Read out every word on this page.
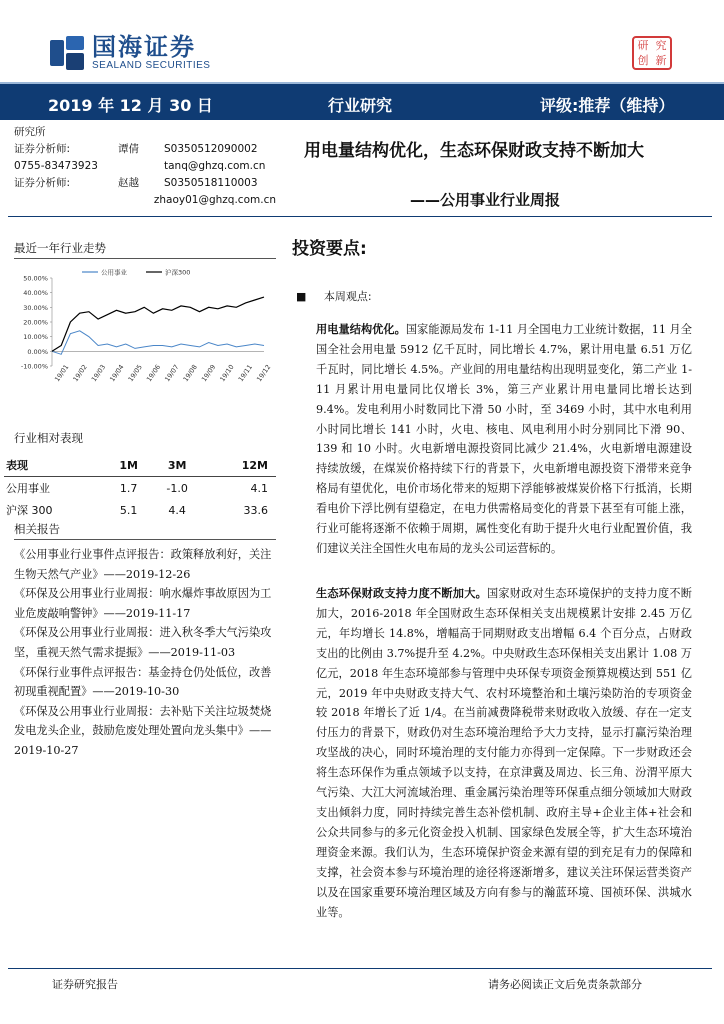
国海证券
SEALAND SECURITIES
研 究
创 新
2019 年 12 月 30 日	行业研究	评级:推荐（维持）
研究所
证券分析师:	谭倩	S0350512090002
0755-83473923	tanq@ghzq.com.cn
证券分析师:	赵越	S0350518110003
zhaoy01@ghzq.com.cn
用电量结构优化，生态环保财政支持不断加大
——公用事业行业周报
最近一年行业走势
50.00%
40.00%
30.00%
20.00%
10.00%
0.00%
-10.00% 19/01 19/02 19/03 19/04 19/05 19/06 19/07 19/08 19/09 19/10 19/11 19/12
公用事业	沪深300
行业相对表现
表现	1M	3M	12M
公用事业	1.7	-1.0	4.1
沪深 300	5.1	4.4	33.6
相关报告
《公用事业行业事件点评报告：政策释放利好，关注生物天然气产业》——2019-12-26
《环保及公用事业行业周报：响水爆炸事故原因为工业危废敲响警钟》——2019-11-17
《环保及公用事业行业周报：进入秋冬季大气污染攻坚，重视天然气需求提振》——2019-11-03
《环保行业事件点评报告：基金持仓仍处低位，改善初现重视配置》——2019-10-30
《环保及公用事业行业周报：去补贴下关注垃圾焚烧发电龙头企业，鼓励危废处理处置向龙头集中》——2019-10-27
投资要点:
■     本周观点:
用电量结构优化。国家能源局发布 1-11 月全国电力工业统计数据，11 月全国全社会用电量 5912 亿千瓦时，同比增长 4.7%，累计用电量 6.51 万亿千瓦时，同比增长 4.5%。产业间的用电量结构出现明显变化，第二产业 1-11 月累计用电量同比仅增长 3%，第三产业累计用电量同比增长达到 9.4%。发电利用小时数同比下滑 50 小时，至 3469 小时，其中水电利用小时同比增长 141 小时，火电、核电、风电利用小时分别同比下滑 90、139 和 10 小时。火电新增电源投资同比减少 21.4%，火电新增电源建设持续放缓，在煤炭价格持续下行的背景下，火电新增电源投资下滑带来竞争格局有望优化，电价市场化带来的短期下浮能够被煤炭价格下行抵消，长期看电价下浮比例有望稳定，在电力供需格局变化的背景下甚至有可能上涨，行业可能将逐渐不依赖于周期，属性变化有助于提升火电行业配置价值，我们建议关注全国性火电布局的龙头公司运营标的。
生态环保财政支持力度不断加大。国家财政对生态环境保护的支持力度不断加大，2016-2018 年全国财政生态环保相关支出规模累计安排 2.45 万亿元，年均增长 14.8%，增幅高于同期财政支出增幅 6.4 个百分点，占财政支出的比例由 3.7%提升至 4.2%。中央财政生态环保相关支出累计 1.08 万亿元，2018 年生态环境部参与管理中央环保专项资金预算规模达到 551 亿元，2019 年中央财政支持大气、农村环境整治和土壤污染防治的专项资金较 2018 年增长了近 1/4。在当前减费降税带来财政收入放缓、存在一定支付压力的背景下，财政仍对生态环境治理给予大力支持，显示打赢污染治理攻坚战的决心，同时环境治理的支付能力亦得到一定保障。下一步财政还会将生态环保作为重点领域予以支持，在京津冀及周边、长三角、汾渭平原大气污染、大江大河流域治理、重金属污染治理等环保重点细分领域加大财政支出倾斜力度，同时持续完善生态补偿机制、政府主导+企业主体+社会和公众共同参与的多元化资金投入机制、国家绿色发展全等，扩大生态环境治理资金来源。我们认为，生态环境保护资金来源有望的到充足有力的保障和支撑，社会资本参与环境治理的途径将逐渐增多，建议关注环保运营类资产以及在国家重要环境治理区域及方向有参与的瀚蓝环境、国祯环保、洪城水业等。
证券研究报告	请务必阅读正文后免责条款部分
